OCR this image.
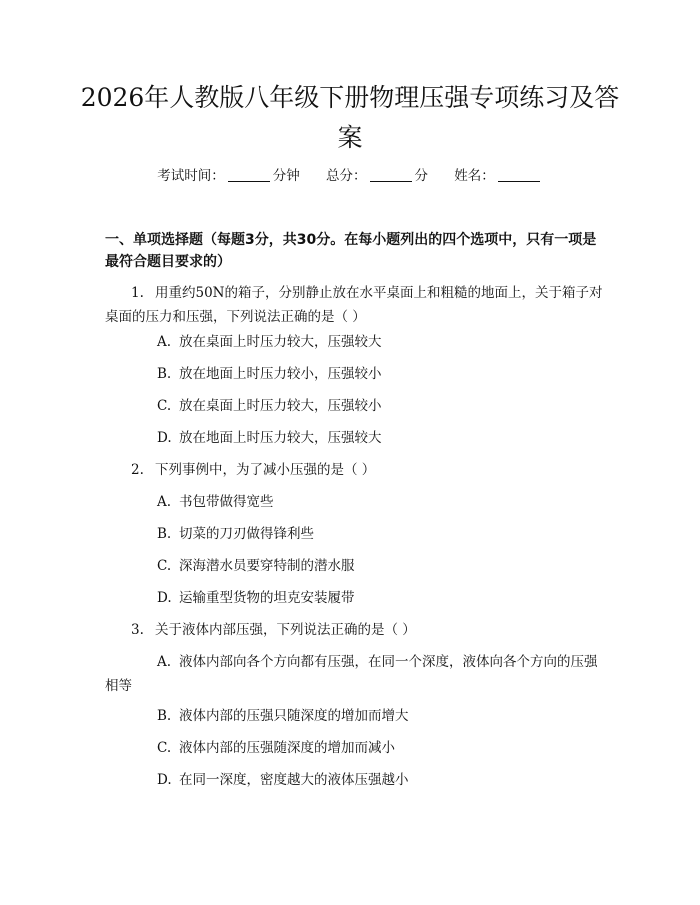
2026年人教版八年级下册物理压强专项练习及答案
考试时间：	分钟 总分：	分 姓名：
一、单项选择题（每题3分，共30分。在每小题列出的四个选项中，只有一项是最符合题目要求的）
1. 用重约50N的箱子，分别静止放在水平桌面上和粗糙的地面上，关于箱子对桌面的压力和压强，下列说法正确的是（ ）
A. 放在桌面上时压力较大，压强较大
B. 放在地面上时压力较小，压强较小
C. 放在桌面上时压力较大，压强较小
D. 放在地面上时压力较大，压强较大
2. 下列事例中，为了减小压强的是（ ）
A. 书包带做得宽些
B. 切菜的刀刃做得锋利些
C. 深海潜水员要穿特制的潜水服
D. 运输重型货物的坦克安装履带
3. 关于液体内部压强，下列说法正确的是（ ）
A. 液体内部向各个方向都有压强，在同一个深度，液体向各个方向的压强相等
B. 液体内部的压强只随深度的增加而增大
C. 液体内部的压强随深度的增加而减小
D. 在同一深度，密度越大的液体压强越小
